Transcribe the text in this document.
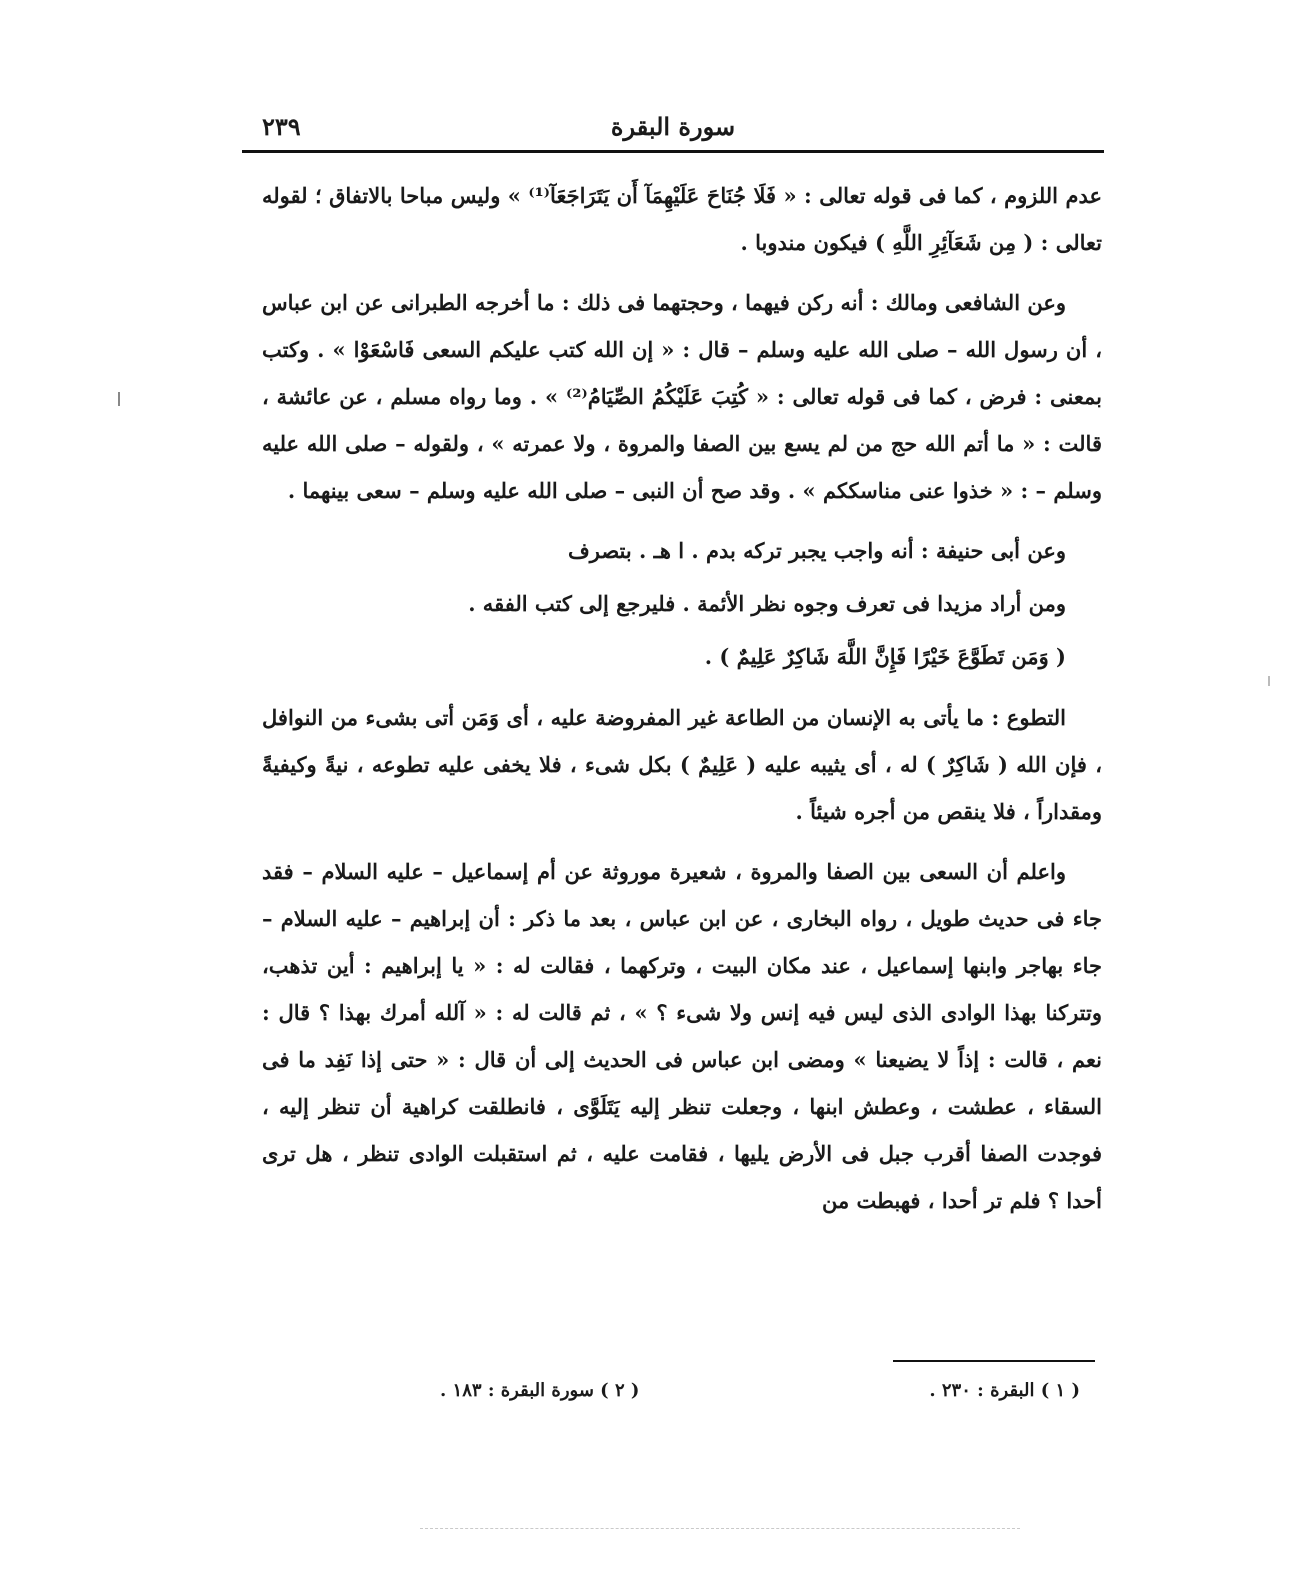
سورة البقرة
٢٣٩

عدم اللزوم ، كما فى قوله تعالى : « فَلَا جُنَاحَ عَلَيْهِمَآ أَن يَتَرَاجَعَآ⁽¹⁾ » وليس مباحا بالاتفاق ؛ لقوله تعالى : ( مِن شَعَآئِرِ اللَّهِ ) فيكون مندوبا .

وعن الشافعى ومالك : أنه ركن فيهما ، وحجتهما فى ذلك : ما أخرجه الطبرانى عن ابن عباس ، أن رسول الله – صلى الله عليه وسلم – قال : « إن الله كتب عليكم السعى فَاسْعَوْا » . وكتب بمعنى : فرض ، كما فى قوله تعالى : « كُتِبَ عَلَيْكُمُ الصِّيَامُ⁽²⁾ » . وما رواه مسلم ، عن عائشة ، قالت : « ما أتم الله حج من لم يسع بين الصفا والمروة ، ولا عمرته » ، ولقوله – صلى الله عليه وسلم – : « خذوا عنى مناسككم » . وقد صح أن النبى – صلى الله عليه وسلم – سعى بينهما .

وعن أبى حنيفة : أنه واجب يجبر تركه بدم . ا هـ . بتصرف

ومن أراد مزيدا فى تعرف وجوه نظر الأئمة . فليرجع إلى كتب الفقه .

( وَمَن تَطَوَّعَ خَيْرًا فَإِنَّ اللَّهَ شَاكِرٌ عَلِيمٌ ) .

التطوع : ما يأتى به الإنسان من الطاعة غير المفروضة عليه ، أى وَمَن أتى بشىء من النوافل ، فإن الله ( شَاكِرٌ ) له ، أى يثيبه عليه ( عَلِيمٌ ) بكل شىء ، فلا يخفى عليه تطوعه ، نيةً وكيفيةً ومقداراً ، فلا ينقص من أجره شيئاً .

واعلم أن السعى بين الصفا والمروة ، شعيرة موروثة عن أم إسماعيل – عليه السلام – فقد جاء فى حديث طويل ، رواه البخارى ، عن ابن عباس ، بعد ما ذكر : أن إبراهيم – عليه السلام – جاء بهاجر وابنها إسماعيل ، عند مكان البيت ، وتركهما ، فقالت له : « يا إبراهيم : أين تذهب، وتتركنا بهذا الوادى الذى ليس فيه إنس ولا شىء ؟ » ، ثم قالت له : « آلله أمرك بهذا ؟ قال : نعم ، قالت : إذاً لا يضيعنا » ومضى ابن عباس فى الحديث إلى أن قال : « حتى إذا نَفِد ما فى السقاء ، عطشت ، وعطش ابنها ، وجعلت تنظر إليه يَتَلَوَّى ، فانطلقت كراهية أن تنظر إليه ، فوجدت الصفا أقرب جبل فى الأرض يليها ، فقامت عليه ، ثم استقبلت الوادى تنظر ، هل ترى أحدا ؟ فلم تر أحدا ، فهبطت من

( ١ ) البقرة : ٢٣٠ .
( ٢ ) سورة البقرة : ١٨٣ .
